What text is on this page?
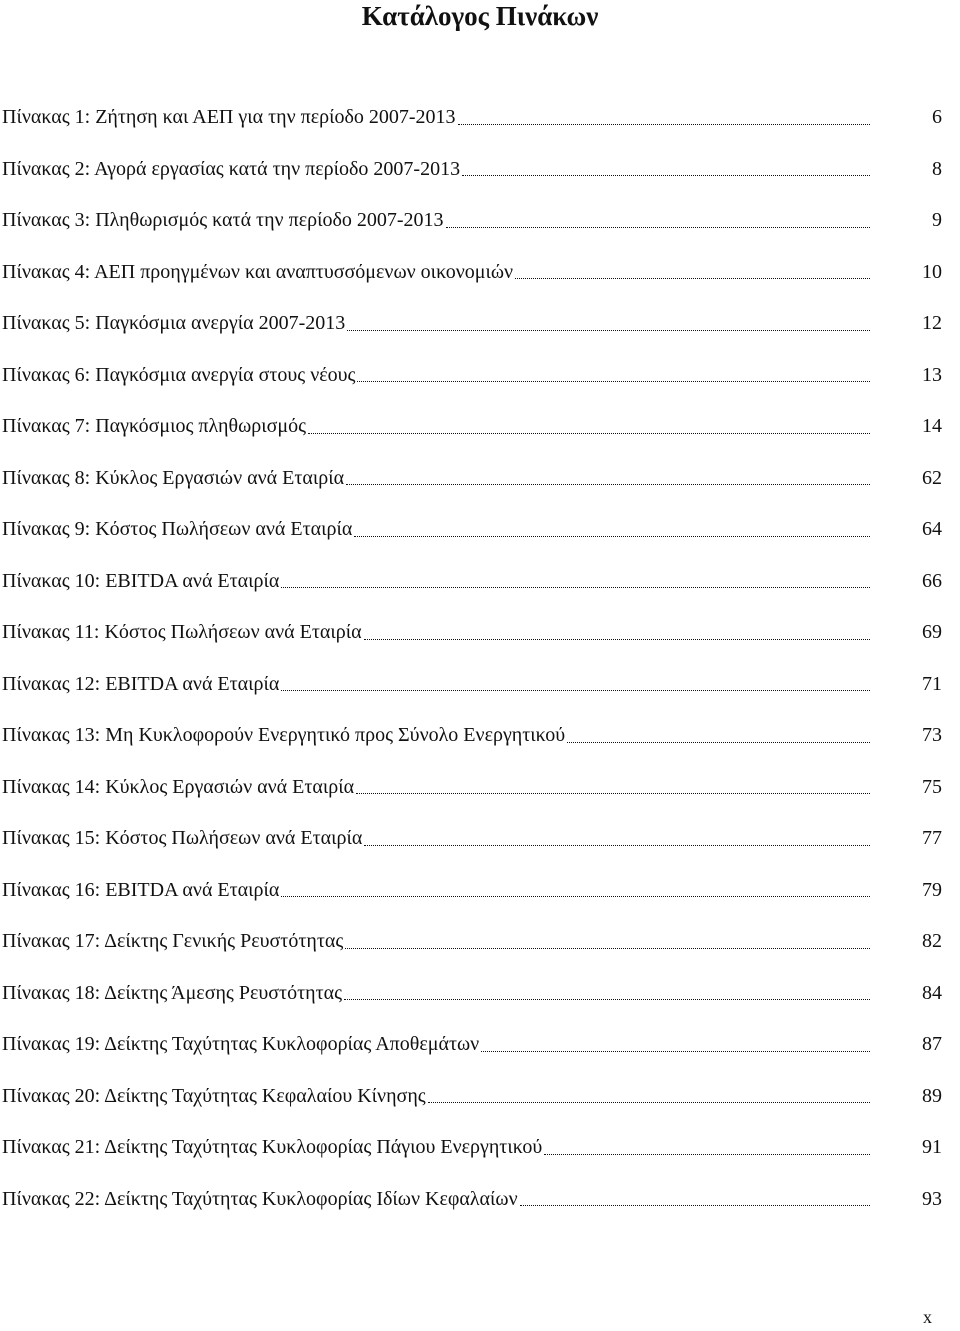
Κατάλογος Πινάκων
Πίνακας 1: Ζήτηση και ΑΕΠ για την περίοδο 2007-2013	6
Πίνακας 2: Αγορά εργασίας κατά την περίοδο 2007-2013	8
Πίνακας 3: Πληθωρισμός κατά την περίοδο 2007-2013	9
Πίνακας 4: ΑΕΠ προηγμένων και αναπτυσσόμενων οικονομιών	10
Πίνακας 5: Παγκόσμια ανεργία 2007-2013	12
Πίνακας 6: Παγκόσμια ανεργία στους νέους	13
Πίνακας 7: Παγκόσμιος πληθωρισμός	14
Πίνακας 8: Κύκλος Εργασιών ανά Εταιρία	62
Πίνακας 9: Κόστος Πωλήσεων ανά Εταιρία	64
Πίνακας 10: EBITDA ανά Εταιρία	66
Πίνακας 11: Κόστος Πωλήσεων ανά Εταιρία	69
Πίνακας 12: EBITDA ανά Εταιρία	71
Πίνακας 13: Μη Κυκλοφορούν Ενεργητικό προς Σύνολο Ενεργητικού	73
Πίνακας 14: Κύκλος Εργασιών ανά Εταιρία	75
Πίνακας 15: Κόστος Πωλήσεων ανά Εταιρία	77
Πίνακας 16: EBITDA ανά Εταιρία	79
Πίνακας 17: Δείκτης Γενικής Ρευστότητας	82
Πίνακας 18: Δείκτης Άμεσης Ρευστότητας	84
Πίνακας 19: Δείκτης Ταχύτητας Κυκλοφορίας Αποθεμάτων	87
Πίνακας 20: Δείκτης Ταχύτητας Κεφαλαίου Κίνησης	89
Πίνακας 21: Δείκτης Ταχύτητας Κυκλοφορίας Πάγιου Ενεργητικού	91
Πίνακας 22: Δείκτης Ταχύτητας Κυκλοφορίας Ιδίων Κεφαλαίων	93
x
